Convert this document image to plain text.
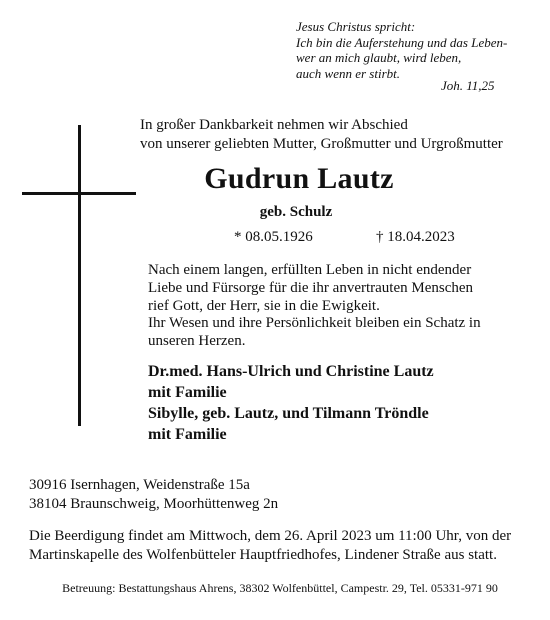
Jesus Christus spricht:
Ich bin die Auferstehung und das Leben-
wer an mich glaubt, wird leben,
auch wenn er stirbt.
Joh. 11,25
In großer Dankbarkeit nehmen wir Abschied
von unserer geliebten Mutter, Großmutter und Urgroßmutter
Gudrun Lautz
geb. Schulz
* 08.05.1926	† 18.04.2023
Nach einem langen, erfüllten Leben in nicht endender
Liebe und Fürsorge für die ihr anvertrauten Menschen
rief Gott, der Herr, sie in die Ewigkeit.
Ihr Wesen und ihre Persönlichkeit bleiben ein Schatz in
unseren Herzen.
Dr.med. Hans-Ulrich und Christine Lautz
mit Familie
Sibylle, geb. Lautz, und Tilmann Tröndle
mit Familie
30916 Isernhagen, Weidenstraße 15a
38104 Braunschweig, Moorhüttenweg 2n
Die Beerdigung findet am Mittwoch, dem 26. April 2023 um 11:00 Uhr, von der
Martinskapelle des Wolfenbütteler Hauptfriedhofes, Lindener Straße aus statt.
Betreuung: Bestattungshaus Ahrens, 38302 Wolfenbüttel, Campestr. 29, Tel. 05331-971 90
